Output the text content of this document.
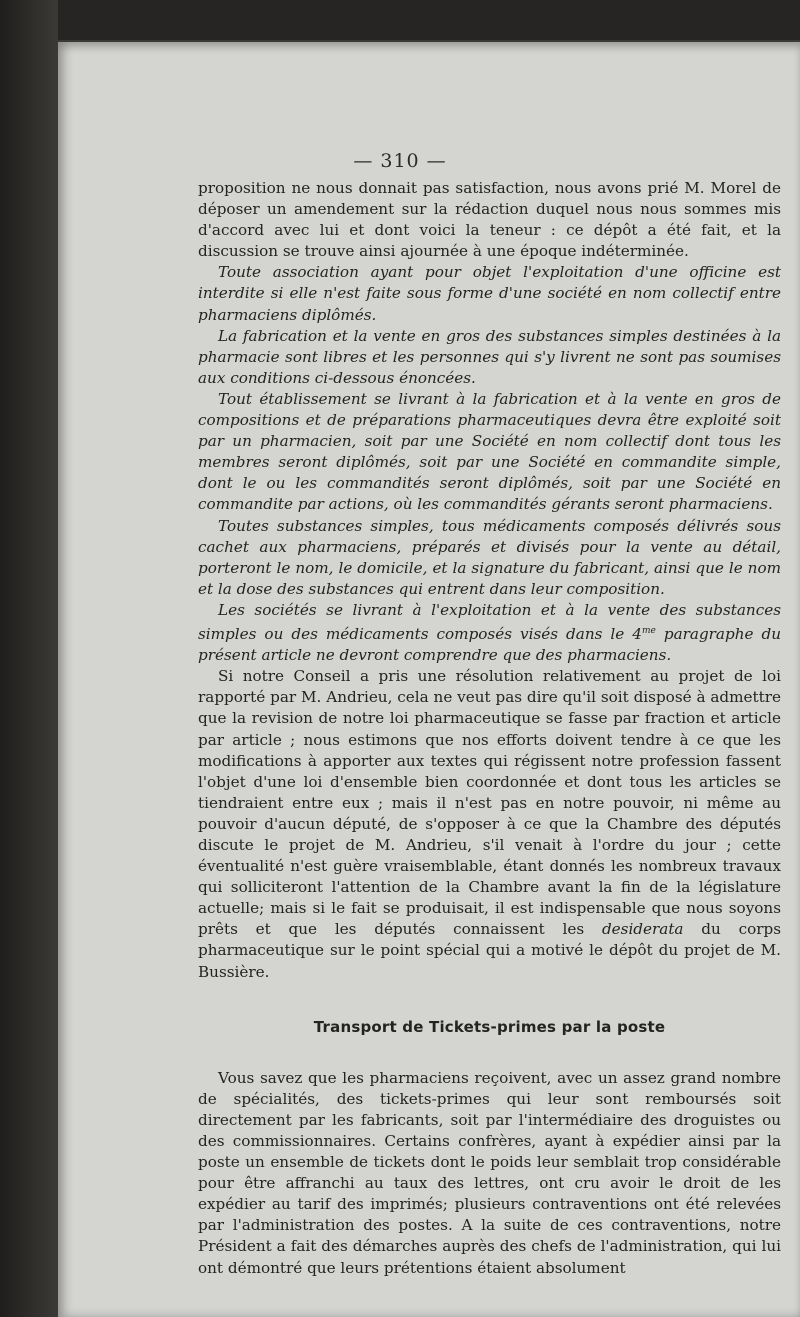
— 310 —

proposition ne nous donnait pas satisfaction, nous avons prié M. Morel de déposer un amendement sur la rédaction duquel nous nous sommes mis d'accord avec lui et dont voici la teneur : ce dépôt a été fait, et la discussion se trouve ainsi ajournée à une époque indéterminée.

Toute association ayant pour objet l'exploitation d'une officine est interdite si elle n'est faite sous forme d'une société en nom collectif entre pharmaciens diplômés.

La fabrication et la vente en gros des substances simples destinées à la pharmacie sont libres et les personnes qui s'y livrent ne sont pas soumises aux conditions ci-dessous énoncées.

Tout établissement se livrant à la fabrication et à la vente en gros de compositions et de préparations pharmaceutiques devra être exploité soit par un pharmacien, soit par une Société en nom collectif dont tous les membres seront diplômés, soit par une Société en commandite simple, dont le ou les commandités seront diplômés, soit par une Société en commandite par actions, où les commandités gérants seront pharmaciens.

Toutes substances simples, tous médicaments composés délivrés sous cachet aux pharmaciens, préparés et divisés pour la vente au détail, porteront le nom, le domicile, et la signature du fabricant, ainsi que le nom et la dose des substances qui entrent dans leur composition.

Les sociétés se livrant à l'exploitation et à la vente des substances simples ou des médicaments composés visés dans le $4^{me}$ paragraphe du présent article ne devront comprendre que des pharmaciens.

Si notre Conseil a pris une résolution relativement au projet de loi rapporté par M. Andrieu, cela ne veut pas dire qu'il soit disposé à admettre que la revision de notre loi pharmaceutique se fasse par fraction et article par article ; nous estimons que nos efforts doivent tendre à ce que les modifications à apporter aux textes qui régissent notre profession fassent l'objet d'une loi d'ensemble bien coordonnée et dont tous les articles se tiendraient entre eux ; mais il n'est pas en notre pouvoir, ni même au pouvoir d'aucun député, de s'opposer à ce que la Chambre des députés discute le projet de M. Andrieu, s'il venait à l'ordre du jour ; cette éventualité n'est guère vraisemblable, étant donnés les nombreux travaux qui solliciteront l'attention de la Chambre avant la fin de la législature actuelle; mais si le fait se produisait, il est indispensable que nous soyons prêts et que les députés connaissent les desiderata du corps pharmaceutique sur le point spécial qui a motivé le dépôt du projet de M. Bussière.

Transport de Tickets-primes par la poste

Vous savez que les pharmaciens reçoivent, avec un assez grand nombre de spécialités, des tickets-primes qui leur sont remboursés soit directement par les fabricants, soit par l'intermédiaire des droguistes ou des commissionnaires. Certains confrères, ayant à expédier ainsi par la poste un ensemble de tickets dont le poids leur semblait trop considérable pour être affranchi au taux des lettres, ont cru avoir le droit de les expédier au tarif des imprimés; plusieurs contraventions ont été relevées par l'administration des postes. A la suite de ces contraventions, notre Président a fait des démarches auprès des chefs de l'administration, qui lui ont démontré que leurs prétentions étaient absolument
